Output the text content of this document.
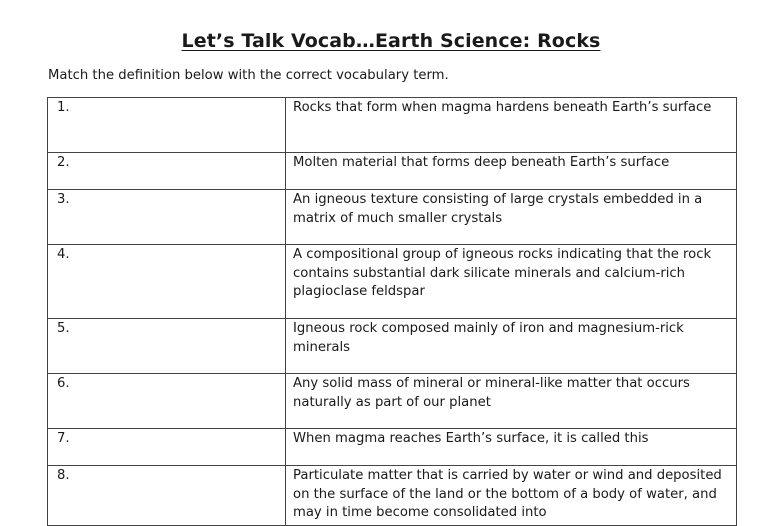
Let’s Talk Vocab…Earth Science: Rocks
Match the definition below with the correct vocabulary term.
1.	Rocks that form when magma hardens beneath Earth’s surface
2.	Molten material that forms deep beneath Earth’s surface
3.	An igneous texture consisting of large crystals embedded in a matrix of much smaller crystals
4.	A compositional group of igneous rocks indicating that the rock contains substantial dark silicate minerals and calcium-rich plagioclase feldspar
5.	Igneous rock composed mainly of iron and magnesium-rick minerals
6.	Any solid mass of mineral or mineral-like matter that occurs naturally as part of our planet
7.	When magma reaches Earth’s surface, it is called this
8.	Particulate matter that is carried by water or wind and deposited on the surface of the land or the bottom of a body of water, and may in time become consolidated into
